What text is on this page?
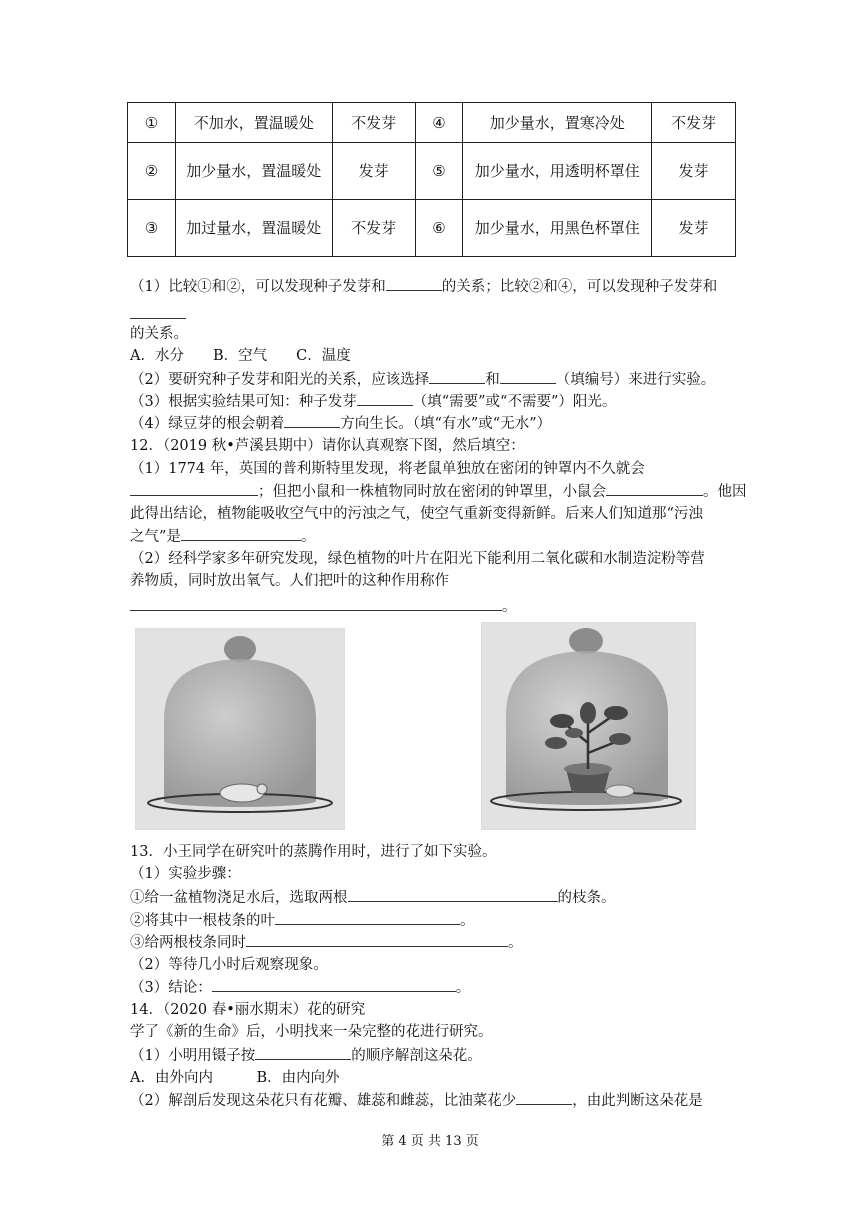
①	不加水，置温暖处	不发芽	④	加少量水，置寒冷处	不发芽
②	加少量水，置温暖处	发芽	⑤	加少量水，用透明杯罩住	发芽
③	加过量水，置温暖处	不发芽	⑥	加少量水，用黑色杯罩住	发芽
（1）比较①和②，可以发现种子发芽和	的关系；比较②和④，可以发现种子发芽和
的关系。
A．水分　　B．空气　　C．温度
（2）要研究种子发芽和阳光的关系，应该选择	和	（填编号）来进行实验。
（3）根据实验结果可知：种子发芽	（填“需要”或“不需要”）阳光。
（4）绿豆芽的根会朝着	方向生长。（填“有水”或“无水”）
12．（2019 秋•芦溪县期中）请你认真观察下图，然后填空：
（1）1774 年，英国的普利斯特里发现，将老鼠单独放在密闭的钟罩内不久就会
；但把小鼠和一株植物同时放在密闭的钟罩里，小鼠会	。他因
此得出结论，植物能吸收空气中的污浊之气，使空气重新变得新鲜。后来人们知道那“污浊
之气”是	。
（2）经科学家多年研究发现，绿色植物的叶片在阳光下能利用二氧化碳和水制造淀粉等营
养物质，同时放出氧气。人们把叶的这种作用称作
。
13．小王同学在研究叶的蒸腾作用时，进行了如下实验。
（1）实验步骤：
①给一盆植物浇足水后，选取两根	的枝条。
②将其中一根枝条的叶	。
③给两根枝条同时	。
（2）等待几小时后观察现象。
（3）结论：	。
14．（2020 春•丽水期末）花的研究
学了《新的生命》后，小明找来一朵完整的花进行研究。
（1）小明用镊子按	的顺序解剖这朵花。
A．由外向内　　　B．由内向外
（2）解剖后发现这朵花只有花瓣、雄蕊和雌蕊，比油菜花少	，由此判断这朵花是
第 4 页 共 13 页
